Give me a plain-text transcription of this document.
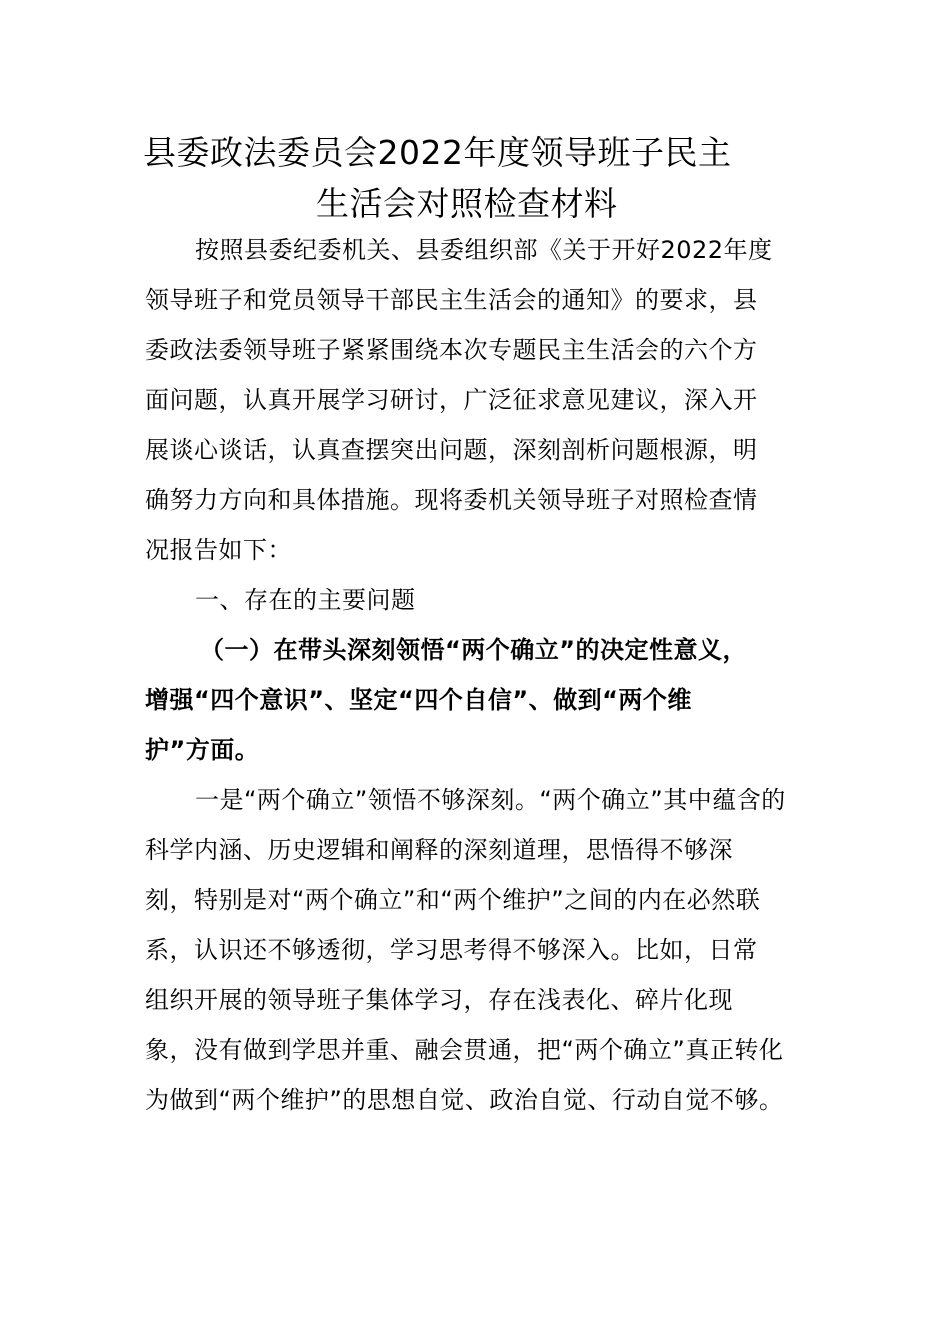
县委政法委员会2022年度领导班子民主
生活会对照检查材料
按照县委纪委机关、县委组织部《关于开好2022年度
领导班子和党员领导干部民主生活会的通知》的要求，县
委政法委领导班子紧紧围绕本次专题民主生活会的六个方
面问题，认真开展学习研讨，广泛征求意见建议，深入开
展谈心谈话，认真查摆突出问题，深刻剖析问题根源，明
确努力方向和具体措施。现将委机关领导班子对照检查情
况报告如下：
一、存在的主要问题
（一）在带头深刻领悟“两个确立”的决定性意义，
增强“四个意识”、坚定“四个自信”、做到“两个维
护”方面。
一是“两个确立”领悟不够深刻。“两个确立”其中蕴含的
科学内涵、历史逻辑和阐释的深刻道理，思悟得不够深
刻，特别是对“两个确立”和“两个维护”之间的内在必然联
系，认识还不够透彻，学习思考得不够深入。比如，日常
组织开展的领导班子集体学习，存在浅表化、碎片化现
象，没有做到学思并重、融会贯通，把“两个确立”真正转化
为做到“两个维护”的思想自觉、政治自觉、行动自觉不够。
